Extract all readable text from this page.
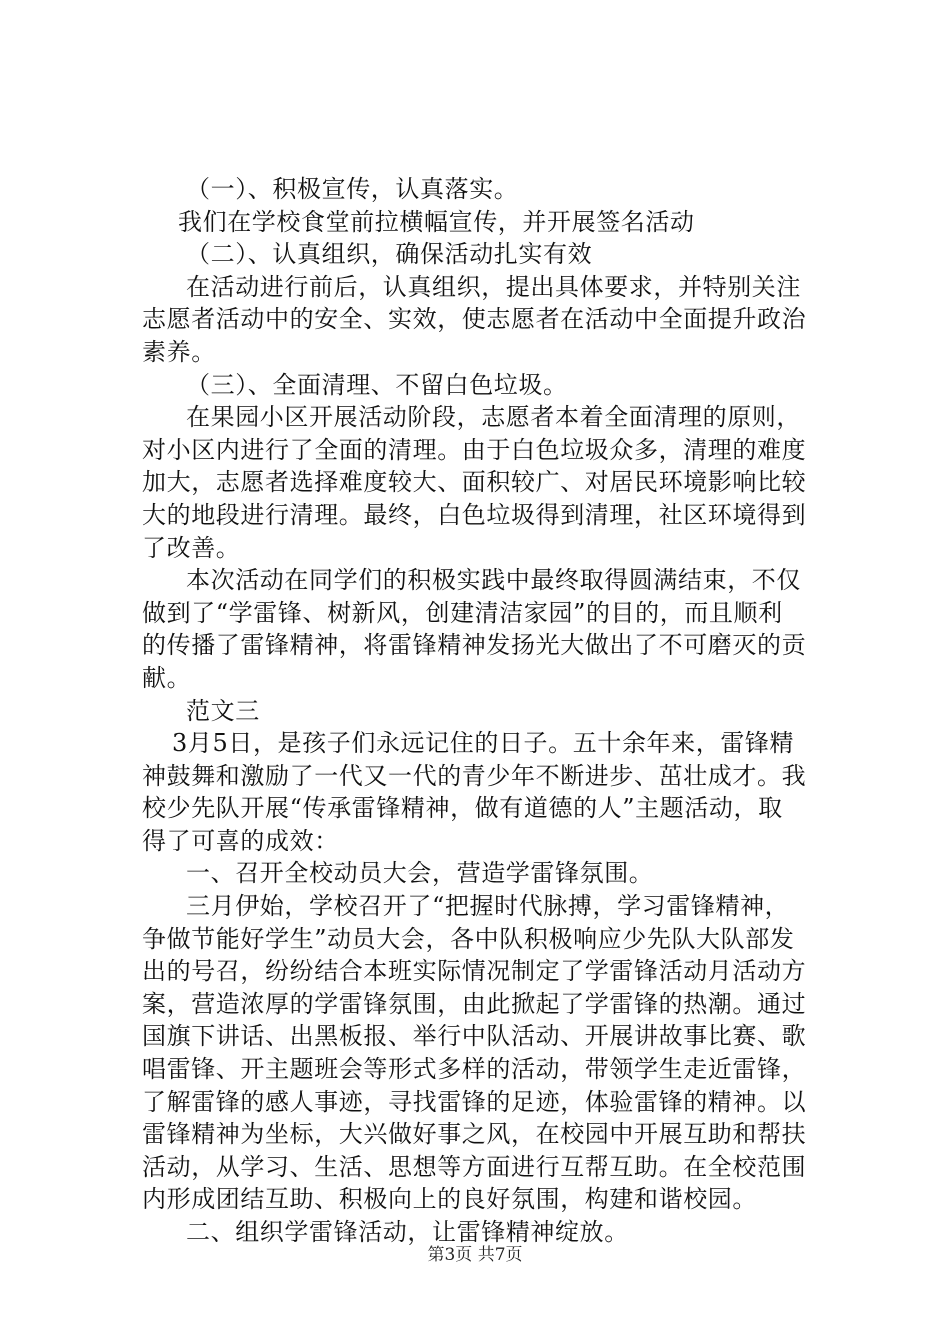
（一）、积极宣传，认真落实。
我们在学校食堂前拉横幅宣传，并开展签名活动
（二）、认真组织，确保活动扎实有效
在活动进行前后，认真组织，提出具体要求，并特别关注
志愿者活动中的安全、实效，使志愿者在活动中全面提升政治
素养。
（三）、全面清理、不留白色垃圾。
在果园小区开展活动阶段，志愿者本着全面清理的原则，
对小区内进行了全面的清理。由于白色垃圾众多，清理的难度
加大，志愿者选择难度较大、面积较广、对居民环境影响比较
大的地段进行清理。最终，白色垃圾得到清理，社区环境得到
了改善。
本次活动在同学们的积极实践中最终取得圆满结束，不仅
做到了“学雷锋、树新风，创建清洁家园”的目的，而且顺利
的传播了雷锋精神，将雷锋精神发扬光大做出了不可磨灭的贡
献。
范文三
3月5日，是孩子们永远记住的日子。五十余年来，雷锋精
神鼓舞和激励了一代又一代的青少年不断进步、茁壮成才。我
校少先队开展“传承雷锋精神，做有道德的人”主题活动，取
得了可喜的成效：
一、召开全校动员大会，营造学雷锋氛围。
三月伊始，学校召开了“把握时代脉搏，学习雷锋精神，
争做节能好学生”动员大会，各中队积极响应少先队大队部发
出的号召，纷纷结合本班实际情况制定了学雷锋活动月活动方
案，营造浓厚的学雷锋氛围，由此掀起了学雷锋的热潮。通过
国旗下讲话、出黑板报、举行中队活动、开展讲故事比赛、歌
唱雷锋、开主题班会等形式多样的活动，带领学生走近雷锋，
了解雷锋的感人事迹，寻找雷锋的足迹，体验雷锋的精神。以
雷锋精神为坐标，大兴做好事之风，在校园中开展互助和帮扶
活动，从学习、生活、思想等方面进行互帮互助。在全校范围
内形成团结互助、积极向上的良好氛围，构建和谐校园。
二、组织学雷锋活动，让雷锋精神绽放。
第3页 共7页
